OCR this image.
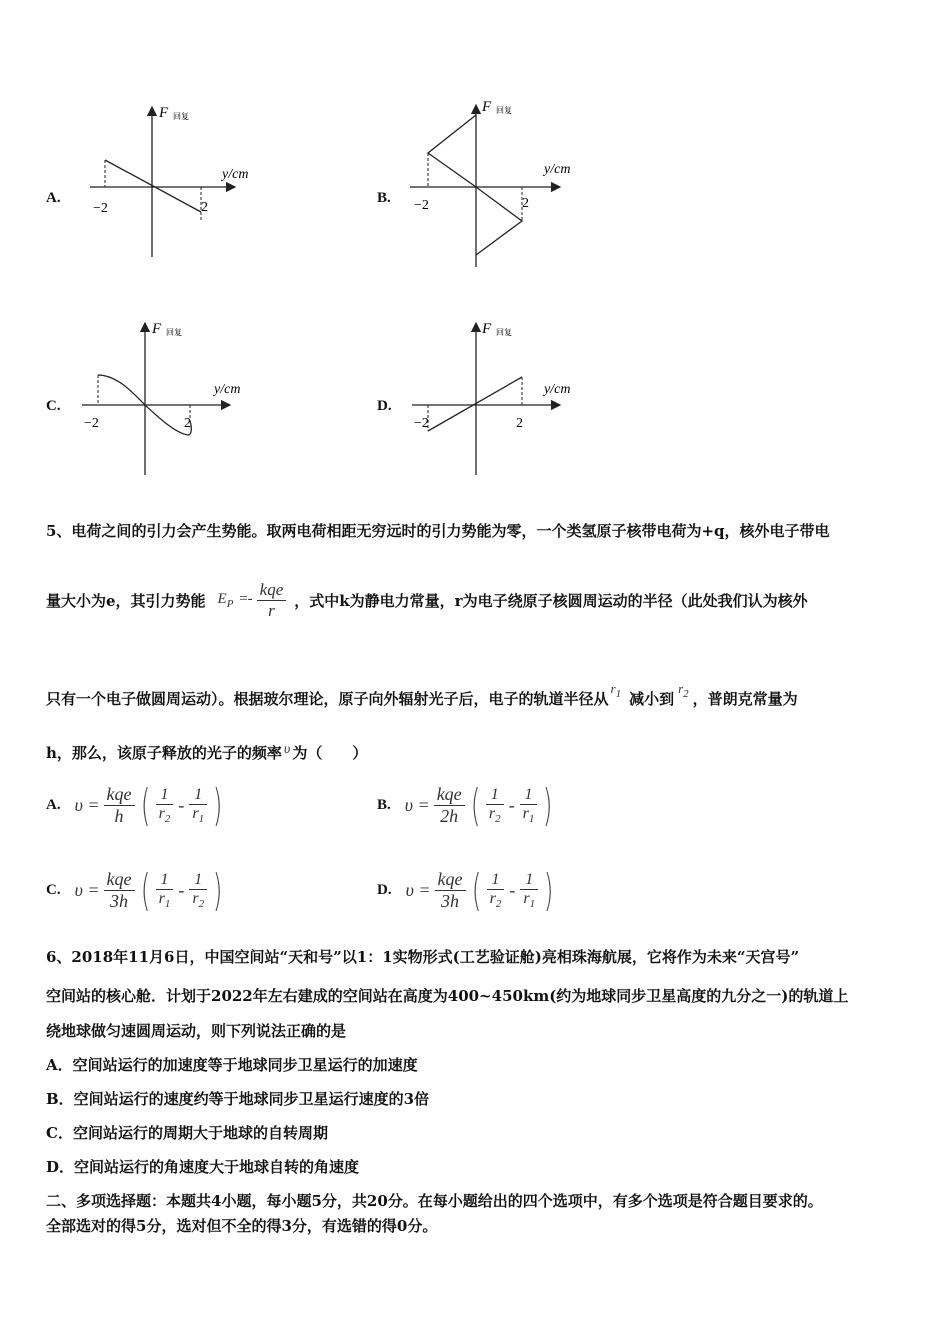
A.
F 回复
y/cm
−2	2
B.
F 回复
y/cm
−2	2
C.
F 回复
y/cm
−2	2
D.
F 回复
y/cm
−2	2
5、电荷之间的引力会产生势能。取两电荷相距无穷远时的引力势能为零，一个类氢原子核带电荷为+q，核外电子带电
量大小为e，其引力势能 $E_P =- \frac{\text{kqe}}{r}$ ，式中k为静电力常量，r为电子绕原子核圆周运动的半径（此处我们认为核外
只有一个电子做圆周运动）。根据玻尔理论，原子向外辐射光子后，电子的轨道半径从
$r_1$ 减小到
$r_2$ ，普朗克常量为
h，那么，该原子释放的光子的频率 υ 为（　　）
A. $\upsilon = \frac{\text{kqe}}{h}$ ( $\frac{1}{r_2} - \frac{1}{r_1}$ )	B. $\upsilon = \frac{\text{kqe}}{2h}$ ( $\frac{1}{r_2} - \frac{1}{r_1}$ )
C. $\upsilon = \frac{\text{kqe}}{3h}$ ( $\frac{1}{r_1} - \frac{1}{r_2}$ )	D. $\upsilon = \frac{\text{kqe}}{3h}$ ( $\frac{1}{r_2} - \frac{1}{r_1}$ )
6、2018年11月6日，中国空间站“天和号”以1：1实物形式(工艺验证舱)亮相珠海航展，它将作为未来“天宫号”
空间站的核心舱．计划于2022年左右建成的空间站在高度为400~450km(约为地球同步卫星高度的九分之一)的轨道上
绕地球做匀速圆周运动，则下列说法正确的是
A．空间站运行的加速度等于地球同步卫星运行的加速度
B．空间站运行的速度约等于地球同步卫星运行速度的3倍
C．空间站运行的周期大于地球的自转周期
D．空间站运行的角速度大于地球自转的角速度
二、多项选择题：本题共4小题，每小题5分，共20分。在每小题给出的四个选项中，有多个选项是符合题目要求的。
全部选对的得5分，选对但不全的得3分，有选错的得0分。
